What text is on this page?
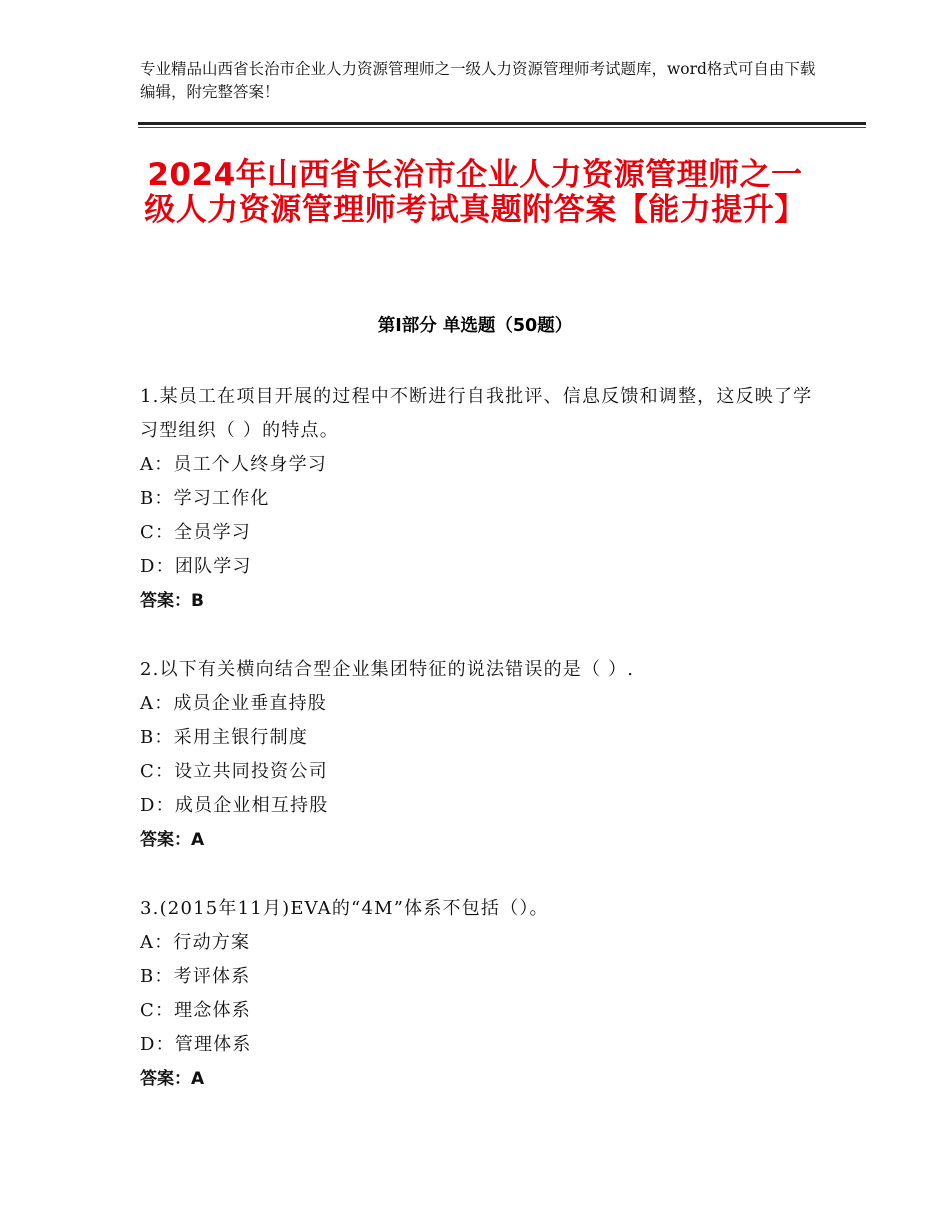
专业精品山西省长治市企业人力资源管理师之一级人力资源管理师考试题库，word格式可自由下载编辑，附完整答案！
2024年山西省长治市企业人力资源管理师之一级人力资源管理师考试真题附答案【能力提升】
第Ⅰ部分 单选题（50题）
1.某员工在项目开展的过程中不断进行自我批评、信息反馈和调整，这反映了学习型组织（ ）的特点。
A：员工个人终身学习
B：学习工作化
C：全员学习
D：团队学习
答案：B
2.以下有关横向结合型企业集团特征的说法错误的是（ ）.
A：成员企业垂直持股
B：采用主银行制度
C：设立共同投资公司
D：成员企业相互持股
答案：A
3.(2015年11月)EVA的“4M”体系不包括（）。
A：行动方案
B：考评体系
C：理念体系
D：管理体系
答案：A
